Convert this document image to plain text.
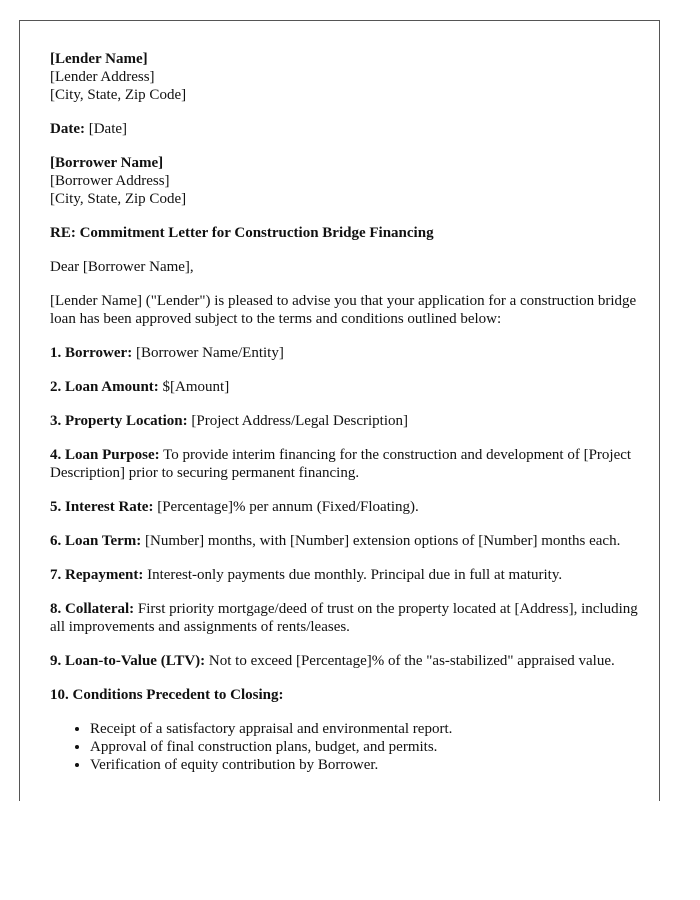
[Lender Name]
[Lender Address]
[City, State, Zip Code]

Date: [Date]

[Borrower Name]
[Borrower Address]
[City, State, Zip Code]

RE: Commitment Letter for Construction Bridge Financing

Dear [Borrower Name],

[Lender Name] ("Lender") is pleased to advise you that your application for a construction bridge loan has been approved subject to the terms and conditions outlined below:

1. Borrower: [Borrower Name/Entity]

2. Loan Amount: $[Amount]

3. Property Location: [Project Address/Legal Description]

4. Loan Purpose: To provide interim financing for the construction and development of [Project Description] prior to securing permanent financing.

5. Interest Rate: [Percentage]% per annum (Fixed/Floating).

6. Loan Term: [Number] months, with [Number] extension options of [Number] months each.

7. Repayment: Interest-only payments due monthly. Principal due in full at maturity.

8. Collateral: First priority mortgage/deed of trust on the property located at [Address], including all improvements and assignments of rents/leases.

9. Loan-to-Value (LTV): Not to exceed [Percentage]% of the "as-stabilized" appraised value.

10. Conditions Precedent to Closing:

• Receipt of a satisfactory appraisal and environmental report.
• Approval of final construction plans, budget, and permits.
• Verification of equity contribution by Borrower.
